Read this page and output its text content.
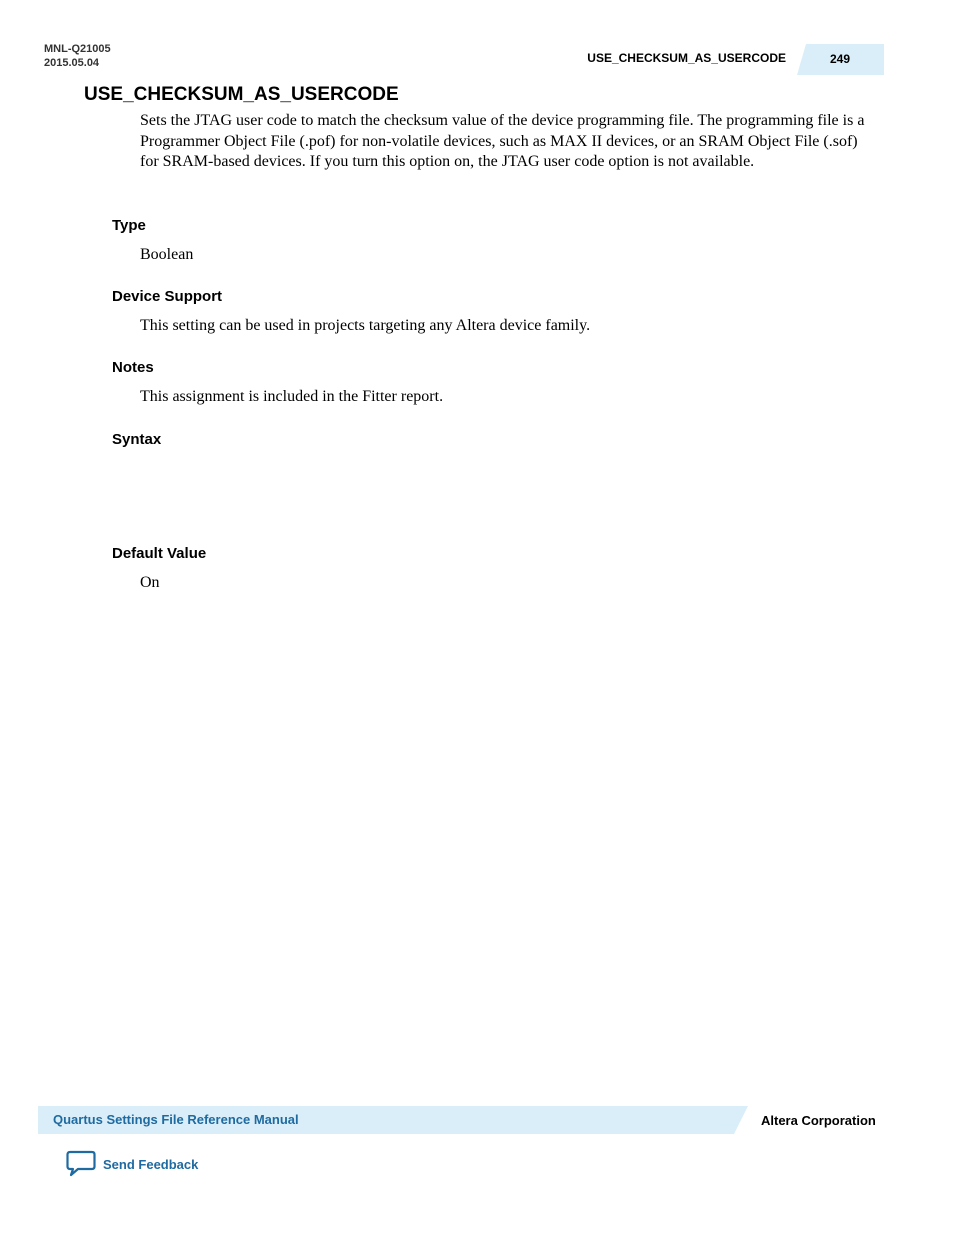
MNL-Q21005
2015.05.04	USE_CHECKSUM_AS_USERCODE	249
USE_CHECKSUM_AS_USERCODE

Sets the JTAG user code to match the checksum value of the device programming file. The programming file is a Programmer Object File (.pof) for non-volatile devices, such as MAX II devices, or an SRAM Object File (.sof) for SRAM-based devices. If you turn this option on, the JTAG user code option is not available.

Type

Boolean

Device Support

This setting can be used in projects targeting any Altera device family.

Notes

This assignment is included in the Fitter report.

Syntax
Default Value

On

Quartus Settings File Reference Manual	Altera Corporation
Send Feedback
